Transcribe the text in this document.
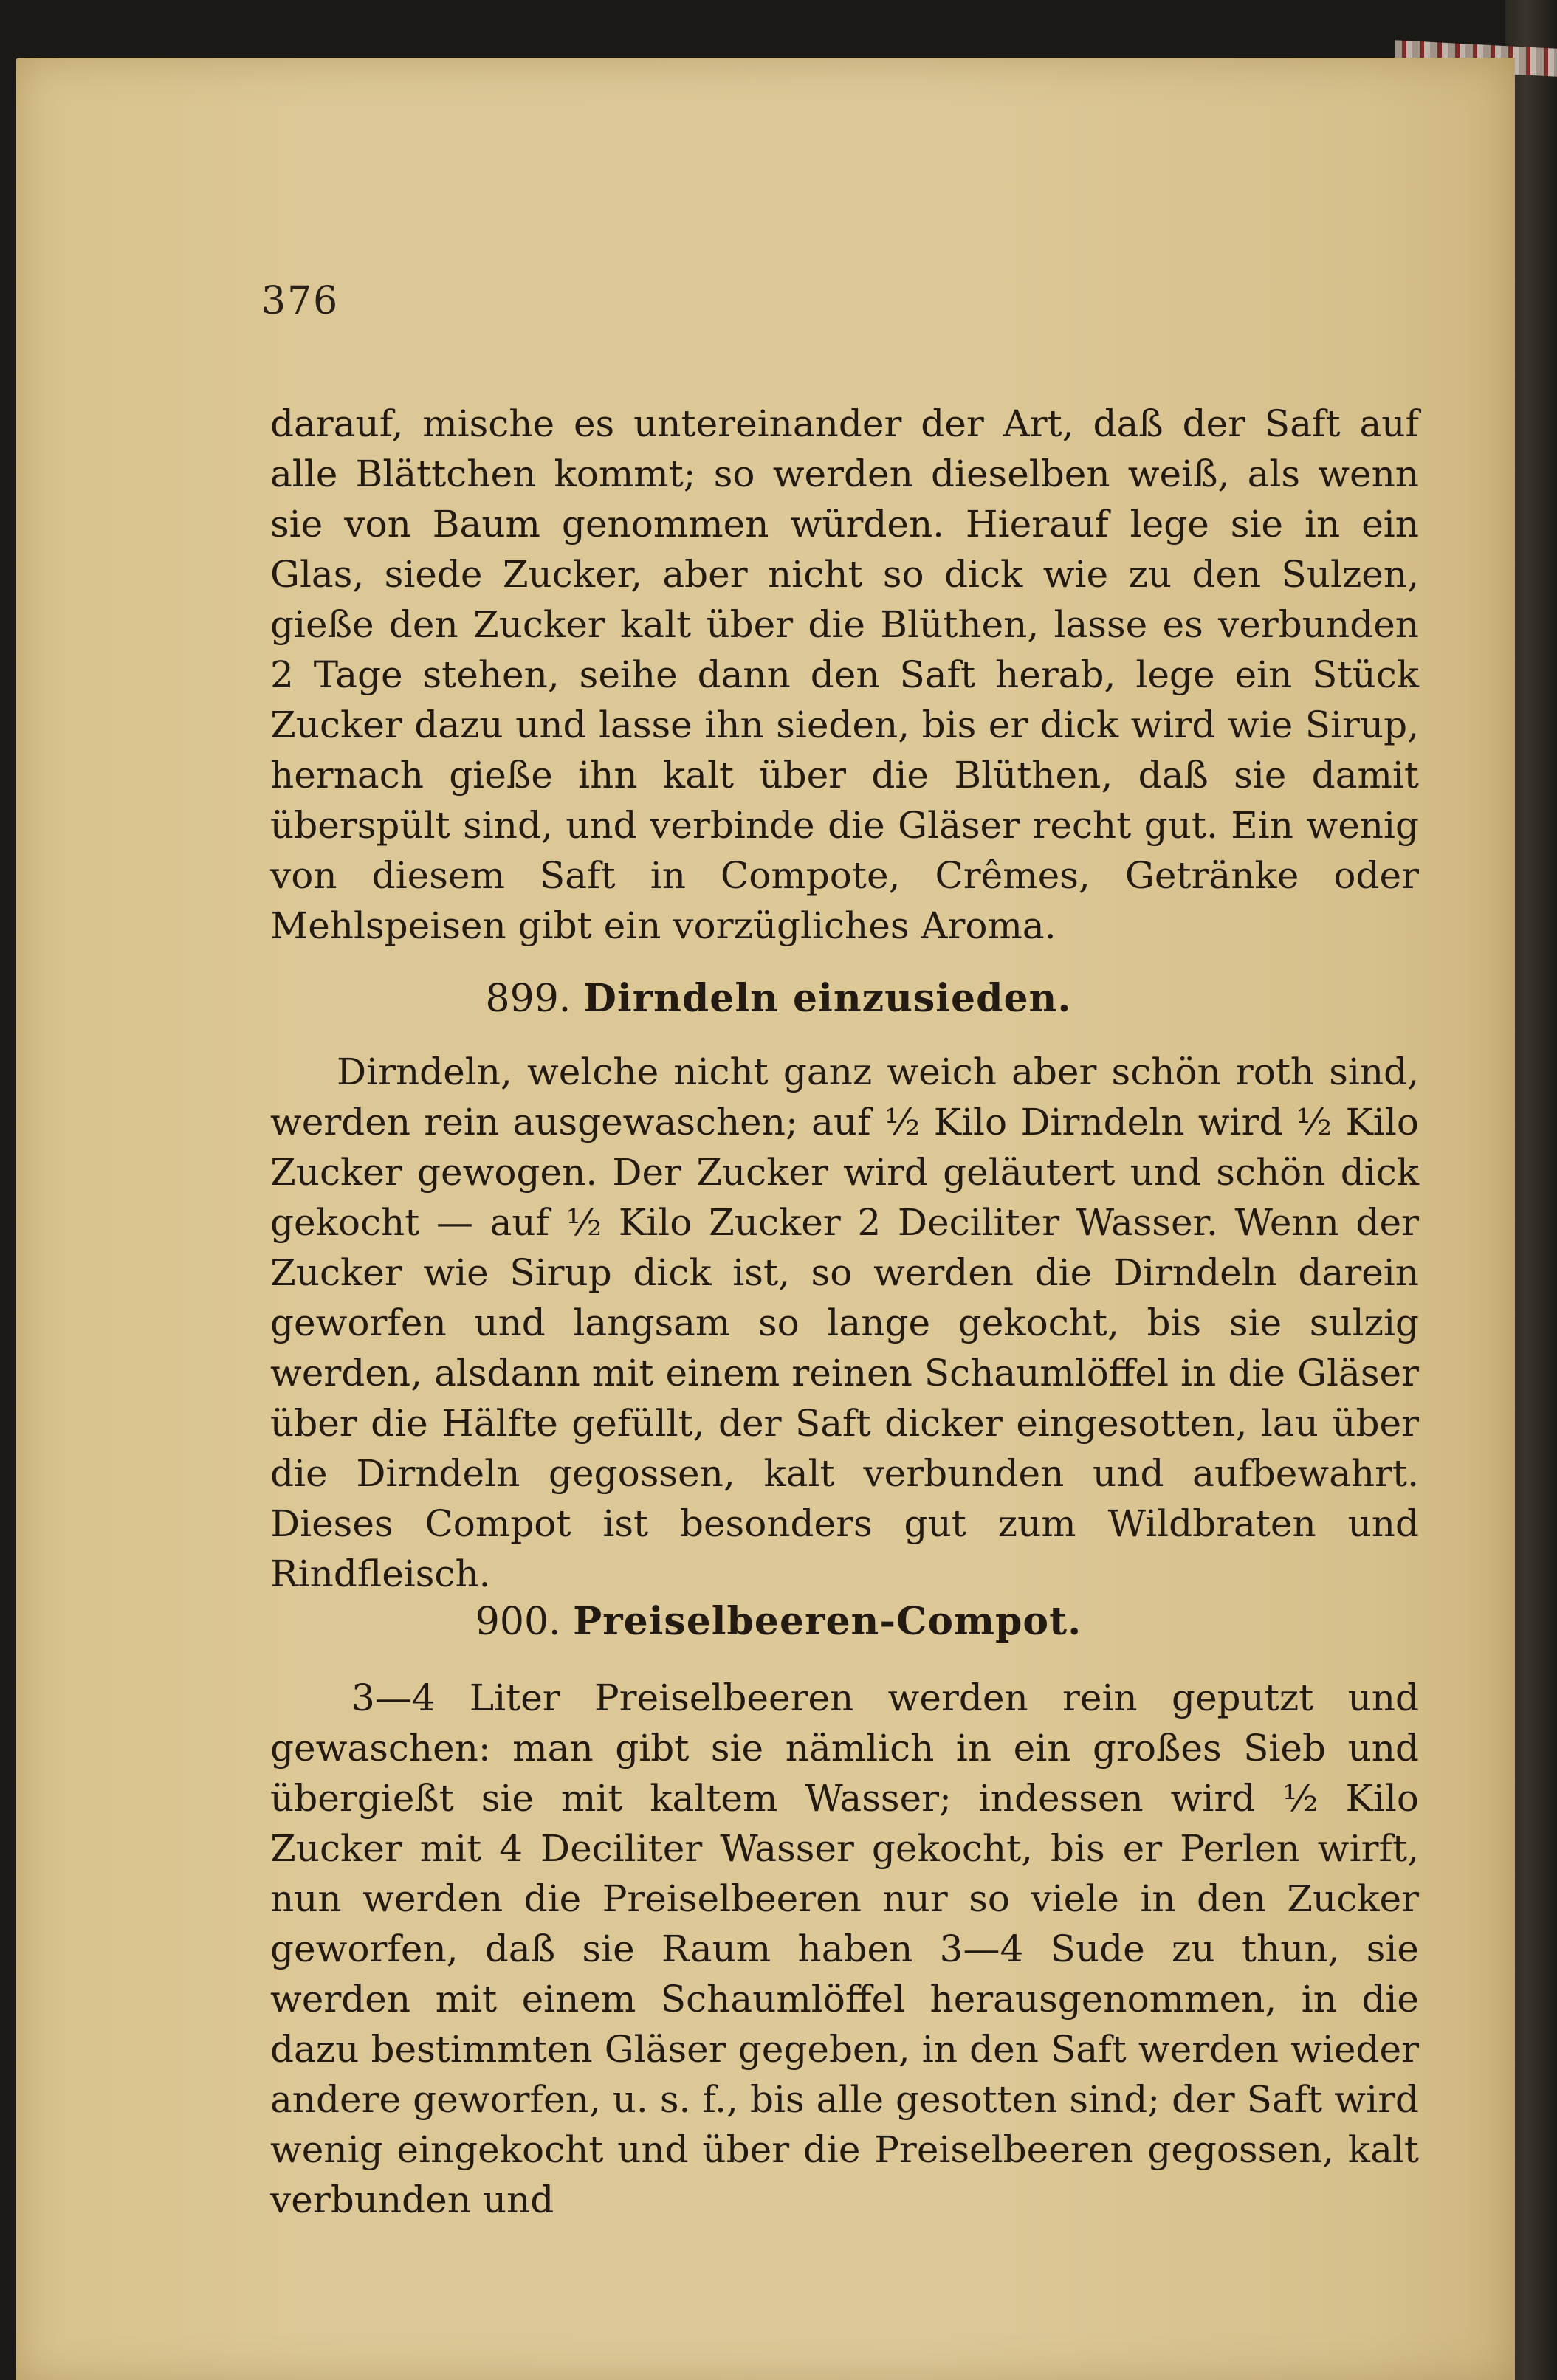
376

darauf, mische es untereinander der Art, daß der Saft auf alle Blättchen kommt; so werden dieselben weiß, als wenn sie von Baum genommen würden. Hierauf lege sie in ein Glas, siede Zucker, aber nicht so dick wie zu den Sulzen, gieße den Zucker kalt über die Blüthen, lasse es verbunden 2 Tage stehen, seihe dann den Saft herab, lege ein Stück Zucker dazu und lasse ihn sieden, bis er dick wird wie Sirup, hernach gieße ihn kalt über die Blüthen, daß sie damit überspült sind, und verbinde die Gläser recht gut. Ein wenig von diesem Saft in Compote, Crêmes, Getränke oder Mehlspeisen gibt ein vorzügliches Aroma.

899. Dirndeln einzusieden.

Dirndeln, welche nicht ganz weich aber schön roth sind, werden rein ausgewaschen; auf ½ Kilo Dirndeln wird ½ Kilo Zucker gewogen. Der Zucker wird geläutert und schön dick gekocht — auf ½ Kilo Zucker 2 Deciliter Wasser. Wenn der Zucker wie Sirup dick ist, so werden die Dirndeln darein geworfen und langsam so lange gekocht, bis sie sulzig werden, alsdann mit einem reinen Schaumlöffel in die Gläser über die Hälfte gefüllt, der Saft dicker eingesotten, lau über die Dirndeln gegossen, kalt verbunden und aufbewahrt. Dieses Compot ist besonders gut zum Wildbraten und Rindfleisch.

900. Preiselbeeren-Compot.

3—4 Liter Preiselbeeren werden rein geputzt und gewaschen: man gibt sie nämlich in ein großes Sieb und übergießt sie mit kaltem Wasser; indessen wird ½ Kilo Zucker mit 4 Deciliter Wasser gekocht, bis er Perlen wirft, nun werden die Preiselbeeren nur so viele in den Zucker geworfen, daß sie Raum haben 3—4 Sude zu thun, sie werden mit einem Schaumlöffel herausgenommen, in die dazu bestimmten Gläser gegeben, in den Saft werden wieder andere geworfen, u. s. f., bis alle gesotten sind; der Saft wird wenig eingekocht und über die Preiselbeeren gegossen, kalt verbunden und
